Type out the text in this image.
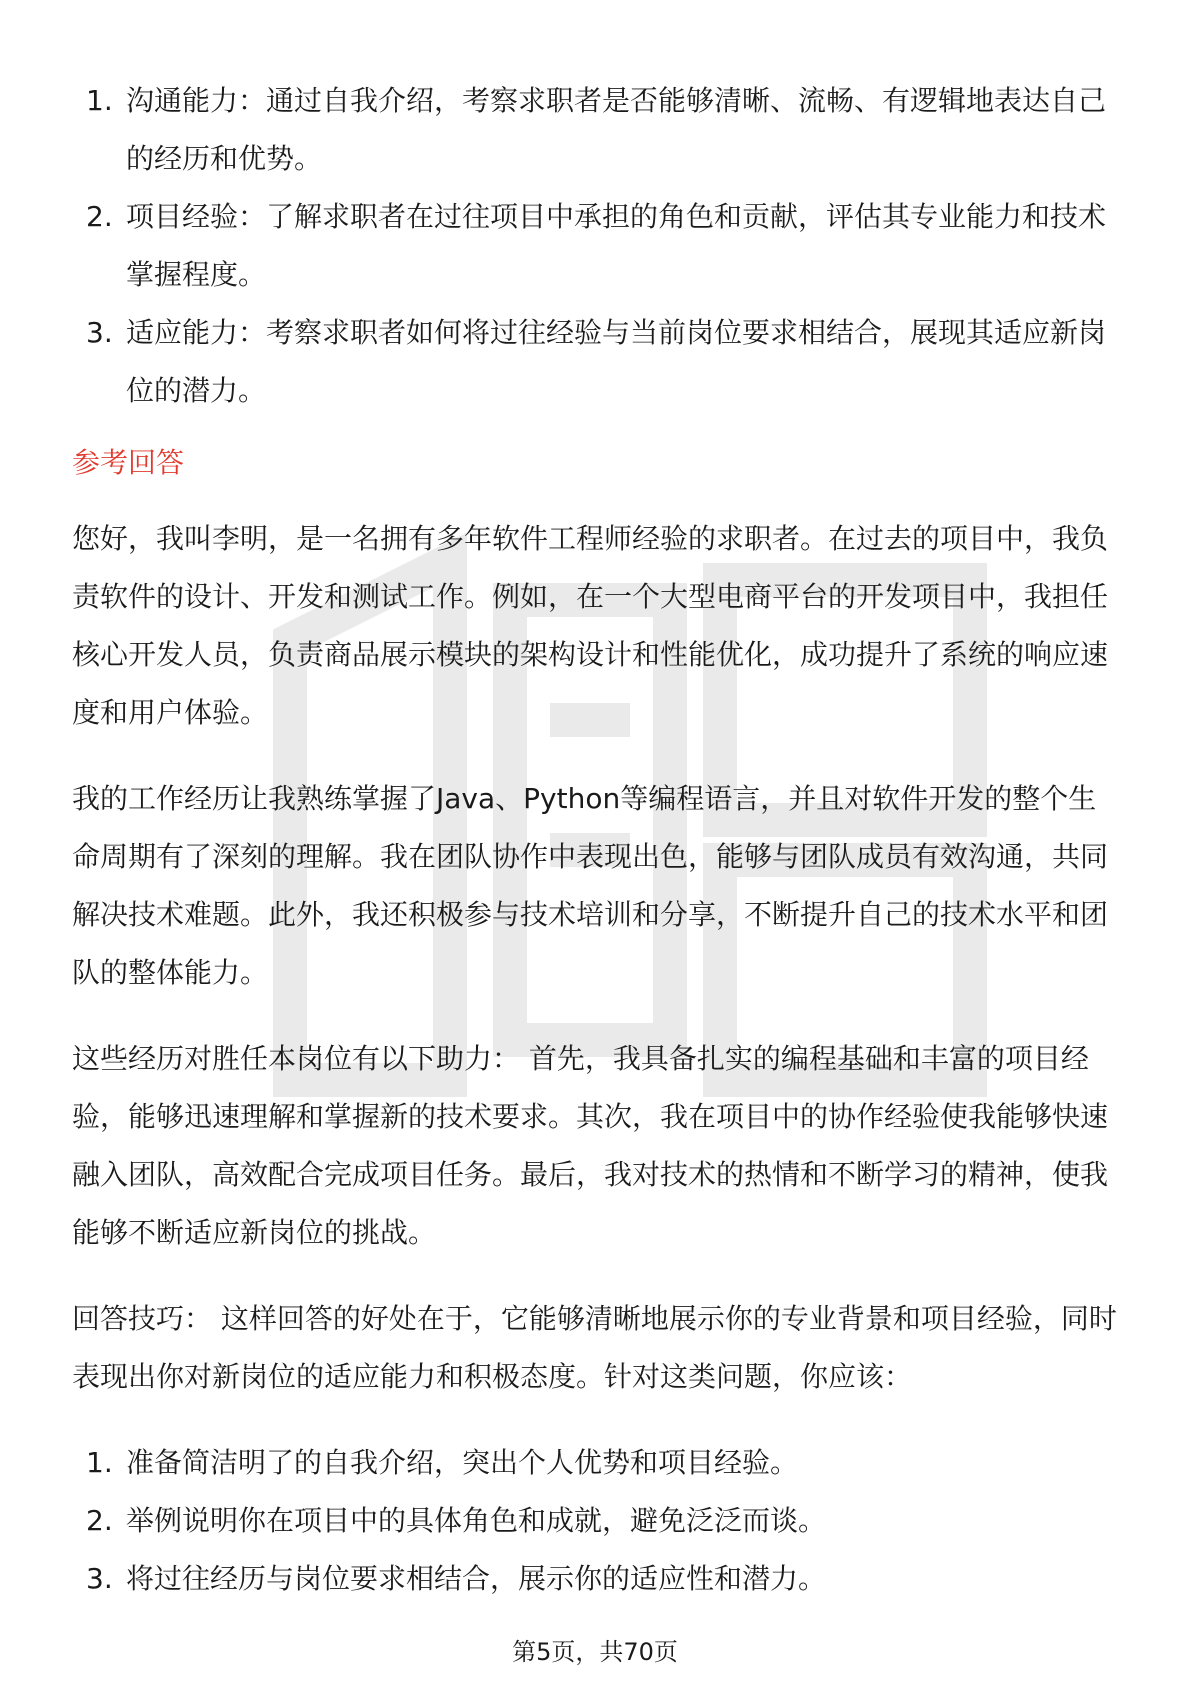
1. 沟通能力：通过自我介绍，考察求职者是否能够清晰、流畅、有逻辑地表达自己的经历和优势。
2. 项目经验：了解求职者在过往项目中承担的角色和贡献，评估其专业能力和技术掌握程度。
3. 适应能力：考察求职者如何将过往经验与当前岗位要求相结合，展现其适应新岗位的潜力。
参考回答

您好，我叫李明，是一名拥有多年软件工程师经验的求职者。在过去的项目中，我负责软件的设计、开发和测试工作。例如，在一个大型电商平台的开发项目中，我担任核心开发人员，负责商品展示模块的架构设计和性能优化，成功提升了系统的响应速度和用户体验。

我的工作经历让我熟练掌握了Java、Python等编程语言，并且对软件开发的整个生命周期有了深刻的理解。我在团队协作中表现出色，能够与团队成员有效沟通，共同解决技术难题。此外，我还积极参与技术培训和分享，不断提升自己的技术水平和团队的整体能力。

这些经历对胜任本岗位有以下助力： 首先，我具备扎实的编程基础和丰富的项目经验，能够迅速理解和掌握新的技术要求。其次，我在项目中的协作经验使我能够快速融入团队，高效配合完成项目任务。最后，我对技术的热情和不断学习的精神，使我能够不断适应新岗位的挑战。

回答技巧： 这样回答的好处在于，它能够清晰地展示你的专业背景和项目经验，同时表现出你对新岗位的适应能力和积极态度。针对这类问题，你应该：

1. 准备简洁明了的自我介绍，突出个人优势和项目经验。
2. 举例说明你在项目中的具体角色和成就，避免泛泛而谈。
3. 将过往经历与岗位要求相结合，展示你的适应性和潜力。
第5页，共70页
